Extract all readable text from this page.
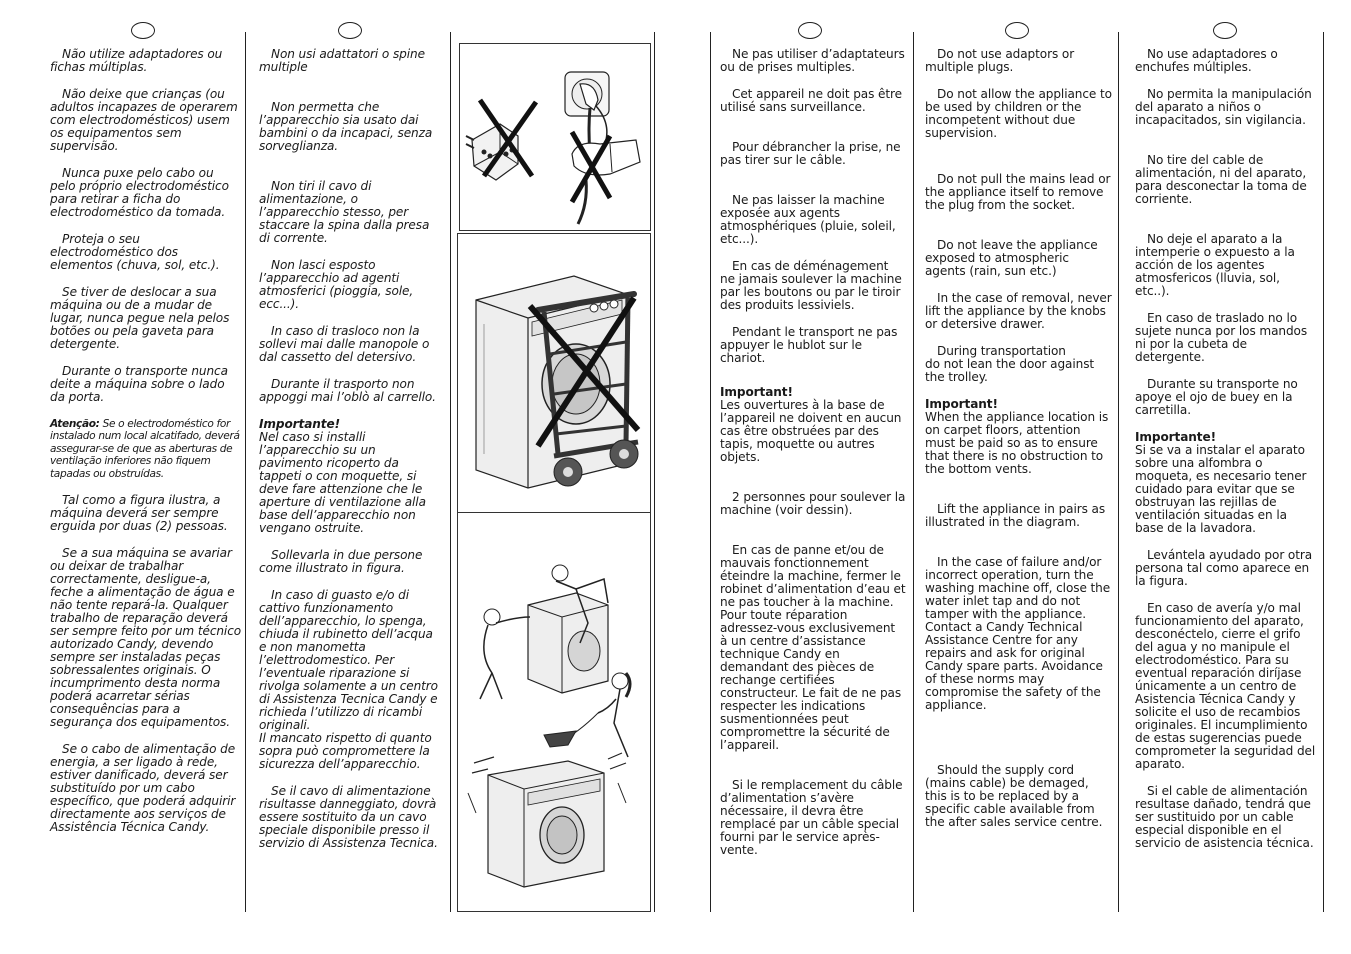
Não utilize adaptadores ou fichas múltiplas.

Não deixe que crianças (ou adultos incapazes de operarem com electrodomésticos) usem os equipamentos sem supervisão.

Nunca puxe pelo cabo ou pelo próprio electrodoméstico para retirar a ficha do electrodoméstico da tomada.

Proteja o seu electrodoméstico dos elementos (chuva, sol, etc.).

Se tiver de deslocar a sua máquina ou de a mudar de lugar, nunca pegue nela pelos botões ou pela gaveta para detergente.

Durante o transporte nunca deite a máquina sobre o lado da porta.

Atenção: Se o electrodoméstico for instalado num local alcatifado, deverá assegurar-se de que as aberturas de ventilação inferiores não fiquem tapadas ou obstruídas.

Tal como a figura ilustra, a máquina deverá ser sempre erguida por duas (2) pessoas.

Se a sua máquina se avariar ou deixar de trabalhar correctamente, desligue-a, feche a alimentação de água e não tente repará-la. Qualquer trabalho de reparação deverá ser sempre feito por um técnico autorizado Candy, devendo sempre ser instaladas peças sobressalentes originais. O incumprimento desta norma poderá acarretar sérias consequências para a segurança dos equipamentos.

Se o cabo de alimentação de energia, a ser ligado à rede, estiver danificado, deverá ser substituído por um cabo específico, que poderá adquirir directamente aos serviços de Assistência Técnica Candy.

Non usi adattatori o spine multiple

Non permetta che l’apparecchio sia usato dai bambini o da incapaci, senza sorveglianza.

Non tiri il cavo di alimentazione, o l’apparecchio stesso, per staccare la spina dalla presa di corrente.

Non lasci esposto l’apparecchio ad agenti atmosferici (pioggia, sole, ecc...).

In caso di trasloco non la sollevi mai dalle manopole o dal cassetto del detersivo.

Durante il trasporto non appoggi mai l’oblò al carrello.

Importante!

Nel caso si installi l’apparecchio su un pavimento ricoperto da tappeti o con moquette, si deve fare attenzione che le aperture di ventilazione alla base dell’apparecchio non vengano ostruite.

Sollevarla in due persone come illustrato in figura.

In caso di guasto e/o di cattivo funzionamento dell’apparecchio, lo spenga, chiuda il rubinetto dell’acqua e non manometta l’elettrodomestico. Per l’eventuale riparazione si rivolga solamente a un centro di Assistenza Tecnica Candy e richieda l’utilizzo di ricambi originali.

Il mancato rispetto di quanto sopra può compromettere la sicurezza dell’apparecchio.

Se il cavo di alimentazione risultasse danneggiato, dovrà essere sostituito da un cavo speciale disponibile presso il servizio di Assistenza Tecnica.

Ne pas utiliser d’adaptateurs ou de prises multiples.

Cet appareil ne doit pas être utilisé sans surveillance.

Pour débrancher la prise, ne pas tirer sur le câble.

Ne pas laisser la machine exposée aux agents atmosphériques (pluie, soleil, etc...).

En cas de déménagement ne jamais soulever la machine par les boutons ou par le tiroir des produits lessiviels.

Pendant le transport ne pas appuyer le hublot sur le chariot.

Important!

Les ouvertures à la base de l’appareil ne doivent en aucun cas être obstruées par des tapis, moquette ou autres objets.

2 personnes pour soulever la machine (voir dessin).

En cas de panne et/ou de mauvais fonctionnement éteindre la machine, fermer le robinet d’alimentation d’eau et ne pas toucher à la machine. Pour toute réparation adressez-vous exclusivement à un centre d’assistance technique Candy en demandant des pièces de rechange certifiées constructeur. Le fait de ne pas respecter les indications susmentionnées peut compromettre la sécurité de l’appareil.

Si le remplacement du câble d’alimentation s’avère nécessaire, il devra être remplacé par un câble special fourni par le service après-vente.

Do not use adaptors or multiple plugs.

Do not allow the appliance to be used by children or the incompetent without due supervision.

Do not pull the mains lead or the appliance itself to remove the plug from the socket.

Do not leave the appliance exposed to atmospheric agents (rain, sun etc.)

In the case of removal, never lift the appliance by the knobs or detersive drawer.

During transportation

do not lean the door against the trolley.

Important!

When the appliance location is on carpet floors, attention must be paid so as to ensure that there is no obstruction to the bottom vents.

Lift the appliance in pairs as illustrated in the diagram.

In the case of failure and/or incorrect operation, turn the washing machine off, close the water inlet tap and do not tamper with the appliance. Contact a Candy Technical Assistance Centre for any repairs and ask for original Candy spare parts. Avoidance of these norms may compromise the safety of the appliance.

Should the supply cord (mains cable) be demaged, this is to be replaced by a specific cable available from the after sales service centre.

No use adaptadores o enchufes múltiples.

No permita la manipulación del aparato a niños o incapacitados, sin vigilancia.

No tire del cable de alimentación, ni del aparato, para desconectar la toma de corriente.

No deje el aparato a la intemperie o expuesto a la acción de los agentes atmosfericos (lluvia, sol, etc..).

En caso de traslado no lo sujete nunca por los mandos ni por la cubeta de detergente.

Durante su transporte no apoye el ojo de buey en la carretilla.

Importante!

Si se va a instalar el aparato sobre una alfombra o moqueta, es necesario tener cuidado para evitar que se obstruyan las rejillas de ventilación situadas en la base de la lavadora.

Levántela ayudado por otra persona tal como aparece en la figura.

En caso de avería y/o mal funcionamiento del aparato, desconéctelo, cierre el grifo del agua y no manipule el electrodoméstico. Para su eventual reparación diríjase únicamente a un centro de Asistencia Técnica Candy y solicite el uso de recambios originales. El incumplimiento de estas sugerencias puede comprometer la seguridad del aparato.

Si el cable de alimentación resultase dañado, tendrá que ser sustituido por un cable especial disponible en el servicio de asistencia técnica.
